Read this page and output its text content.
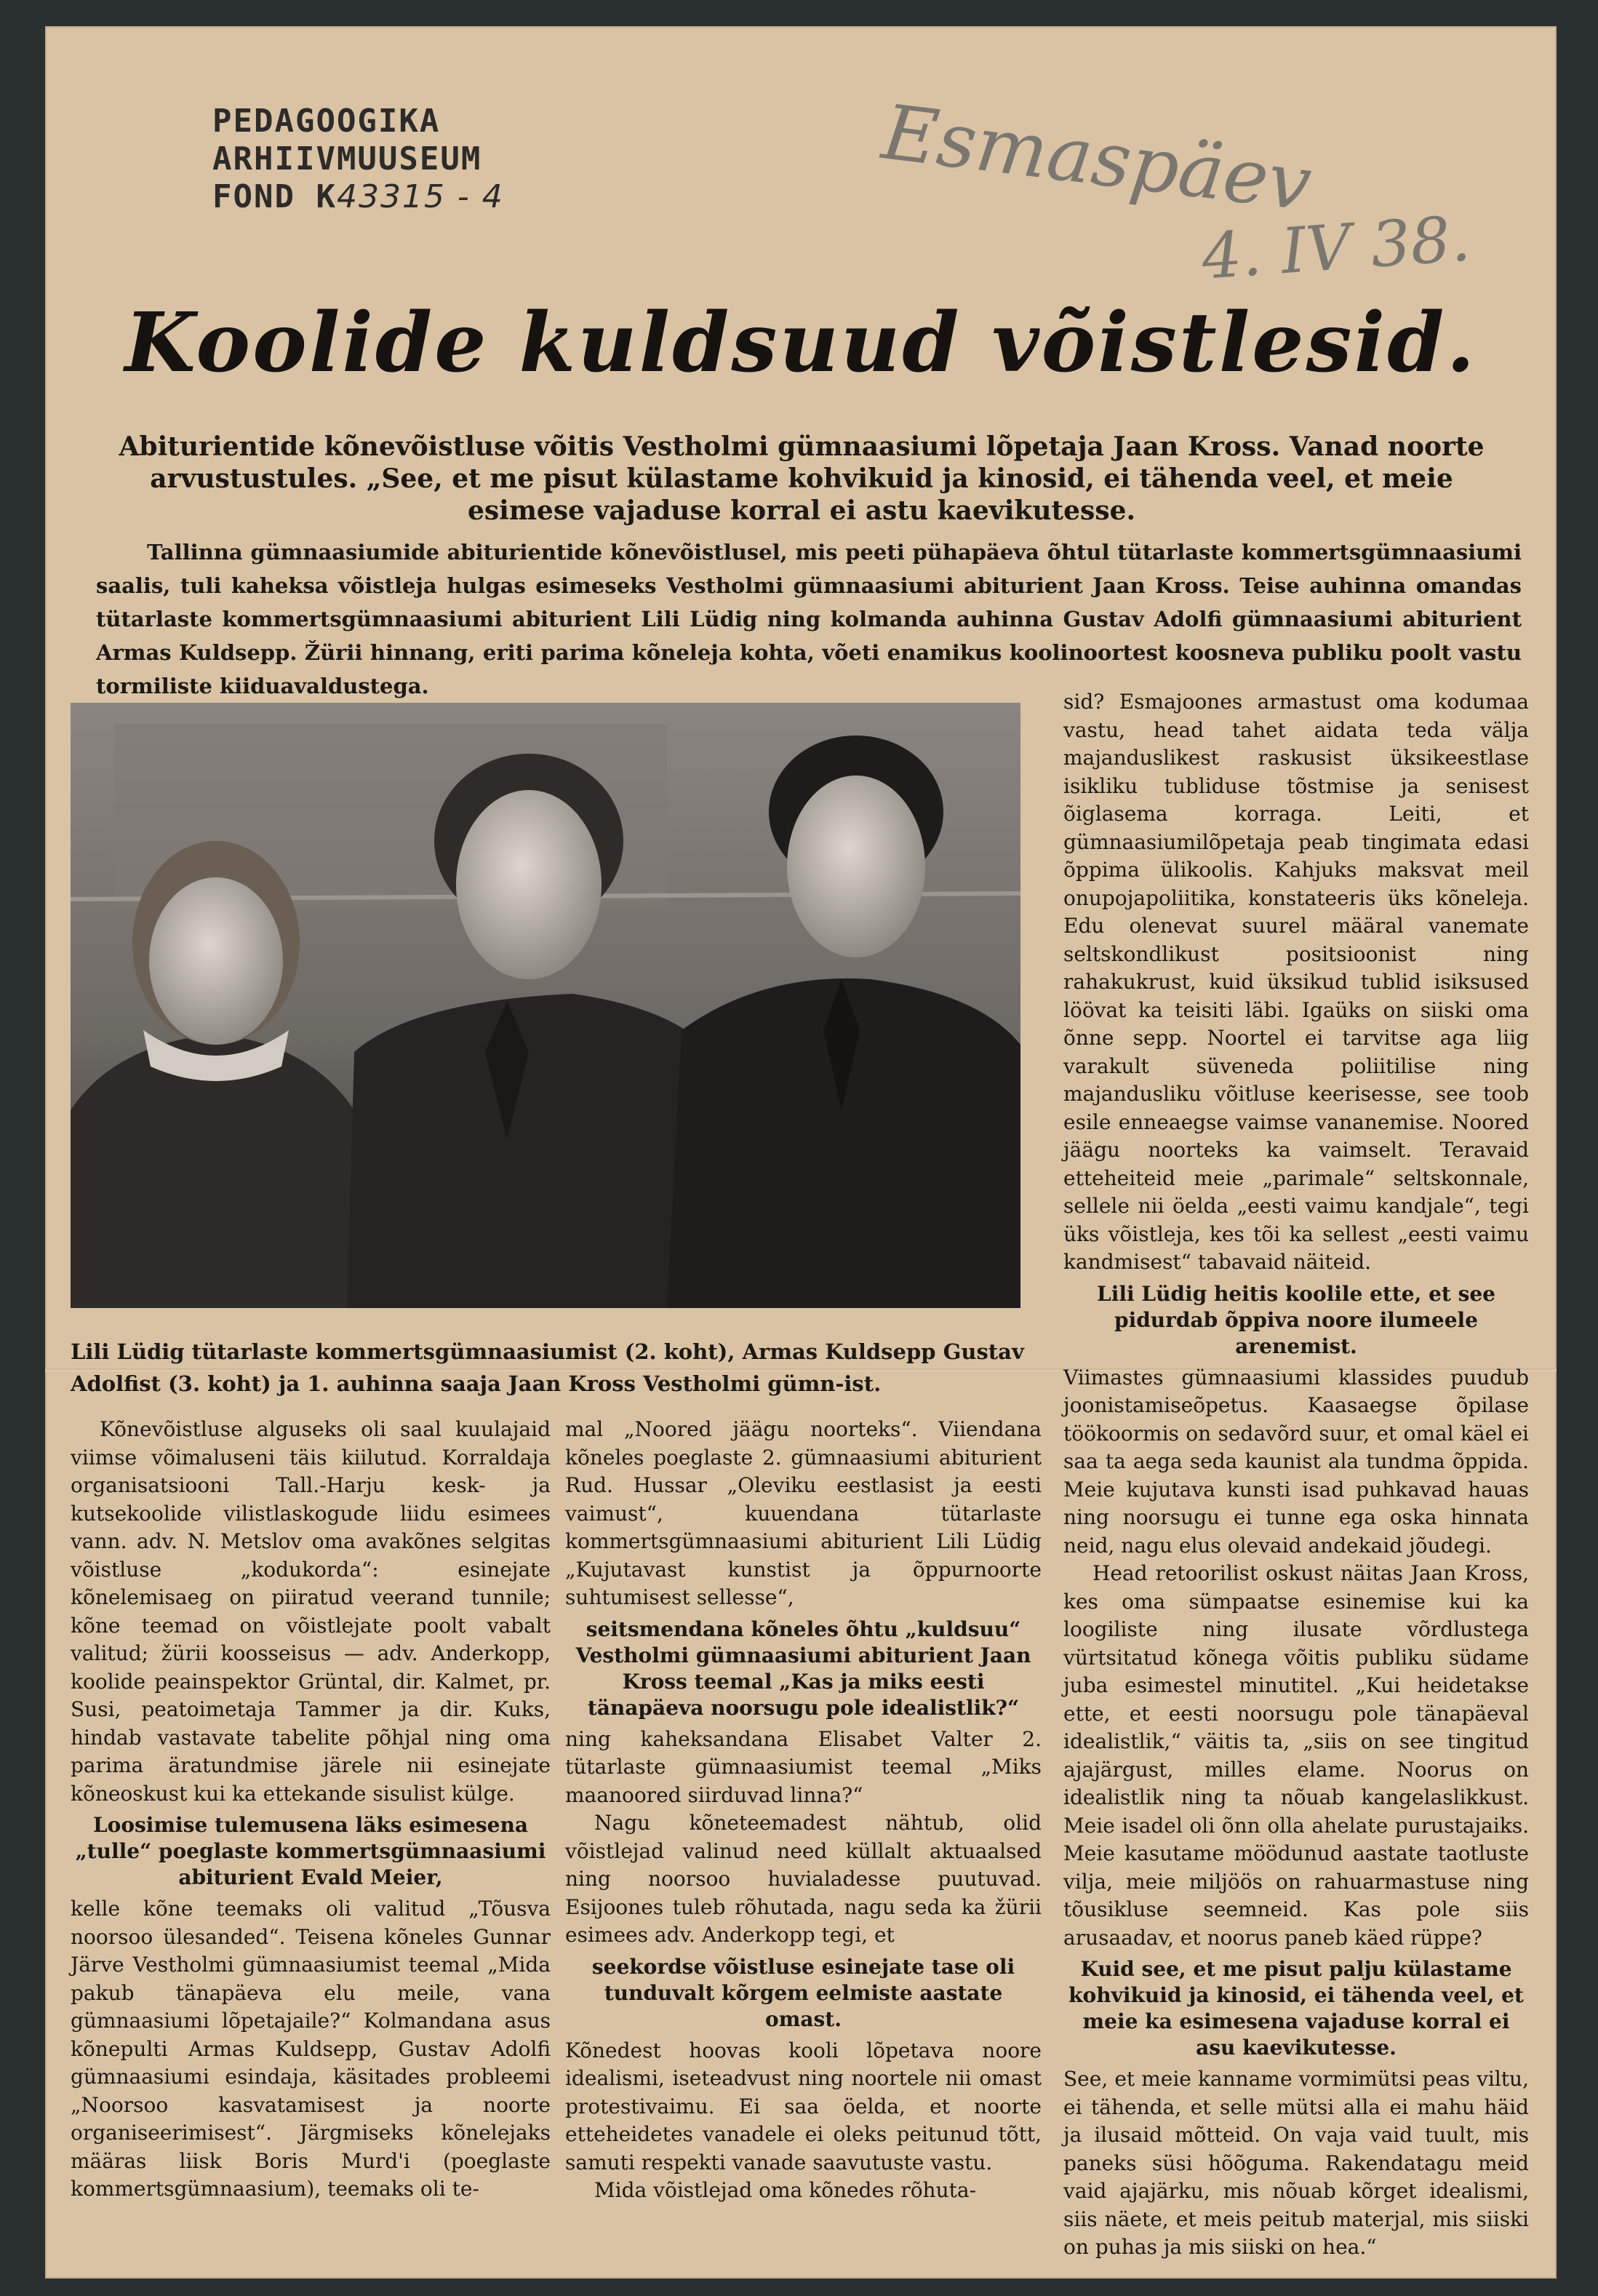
PEDAGOOGIKA
ARHIIVMUUSEUM
FOND K43315 - 4	Esmaspäev
4. IV 38.
Koolide kuldsuud võistlesid.
Abiturientide kõnevõistluse võitis Vestholmi gümnaasiumi lõpetaja Jaan Kross. Vanad noorte arvustustules. „See, et me pisut külastame kohvikuid ja kinosid, ei tähenda veel, et meie esimese vajaduse korral ei astu kaevikutesse.
Tallinna gümnaasiumide abiturientide kõnevõistlusel, mis peeti pühapäeva õhtul tütarlaste kommertsgümnaasiumi saalis, tuli kaheksa võistleja hulgas esimeseks Vestholmi gümnaasiumi abiturient Jaan Kross. Teise auhinna omandas tütarlaste kommertsgümnaasiumi abiturient Lili Lüdig ning kolmanda auhinna Gustav Adolfi gümnaasiumi abiturient Armas Kuldsepp. Žürii hinnang, eriti parima kõneleja kohta, võeti enamikus koolinoortest koosneva publiku poolt vastu tormiliste kiiduavaldustega.
Lili Lüdig tütarlaste kommertsgümnaasiumist (2. koht), Armas Kuldsepp Gustav Adolfist (3. koht) ja 1. auhinna saaja Jaan Kross Vestholmi gümn-ist.

Kõnevõistluse alguseks oli saal kuulajaid viimse võimaluseni täis kiilutud. Korraldaja organisatsiooni Tall.-Harju kesk- ja kutsekoolide vilistlaskogude liidu esimees vann. adv. N. Metslov oma avakõnes selgitas võistluse „kodukorda“: esinejate kõnelemisaeg on piiratud veerand tunnile; kõne teemad on võistlejate poolt vabalt valitud; žürii koosseisus — adv. Anderkopp, koolide peainspektor Grüntal, dir. Kalmet, pr. Susi, peatoimetaja Tammer ja dir. Kuks, hindab vastavate tabelite põhjal ning oma parima äratundmise järele nii esinejate kõneoskust kui ka ettekande sisulist külge.

Loosimise tulemusena läks esimesena „tulle“ poeglaste kommertsgümnaasiumi abiturient Evald Meier,

kelle kõne teemaks oli valitud „Tõusva noorsoo ülesanded“. Teisena kõneles Gunnar Järve Vestholmi gümnaasiumist teemal „Mida pakub tänapäeva elu meile, vana gümnaasiumi lõpetajaile?“ Kolmandana asus kõnepulti Armas Kuldsepp, Gustav Adolfi gümnaasiumi esindaja, käsitades probleemi „Noorsoo kasvatamisest ja noorte organiseerimisest“. Järgmiseks kõnelejaks määras liisk Boris Murd'i (poeglaste kommertsgümnaasium), teemaks oli te-

mal „Noored jäägu noorteks“. Viiendana kõneles poeglaste 2. gümnaasiumi abiturient Rud. Hussar „Oleviku eestlasist ja eesti vaimust“, kuuendana tütarlaste kommertsgümnaasiumi abiturient Lili Lüdig „Kujutavast kunstist ja õppurnoorte suhtumisest sellesse“,

seitsmendana kõneles õhtu „kuldsuu“ Vestholmi gümnaasiumi abiturient Jaan Kross teemal „Kas ja miks eesti tänapäeva noorsugu pole idealistlik?“

ning kaheksandana Elisabet Valter 2. tütarlaste gümnaasiumist teemal „Miks maanoored siirduvad linna?“

Nagu kõneteemadest nähtub, olid võistlejad valinud need küllalt aktuaalsed ning noorsoo huvialadesse puutuvad. Esijoones tuleb rõhutada, nagu seda ka žürii esimees adv. Anderkopp tegi, et

seekordse võistluse esinejate tase oli tunduvalt kõrgem eelmiste aastate omast.

Kõnedest hoovas kooli lõpetava noore idealismi, iseteadvust ning noortele nii omast protestivaimu. Ei saa öelda, et noorte etteheidetes vanadele ei oleks peitunud tõtt, samuti respekti vanade saavutuste vastu.

Mida võistlejad oma kõnedes rõhuta-

sid? Esmajoones armastust oma kodumaa vastu, head tahet aidata teda välja majanduslikest raskusist üksikeestlase isikliku tubliduse tõstmise ja senisest õiglasema korraga. Leiti, et gümnaasiumilõpetaja peab tingimata edasi õppima ülikoolis. Kahjuks maksvat meil onupojapoliitika, konstateeris üks kõneleja. Edu olenevat suurel määral vanemate seltskondlikust positsioonist ning rahakukrust, kuid üksikud tublid isiksused löövat ka teisiti läbi. Igaüks on siiski oma õnne sepp. Noortel ei tarvitse aga liig varakult süveneda poliitilise ning majandusliku võitluse keerisesse, see toob esile enneaegse vaimse vananemise. Noored jäägu noorteks ka vaimselt. Teravaid etteheiteid meie „parimale“ seltskonnale, sellele nii öelda „eesti vaimu kandjale“, tegi üks võistleja, kes tõi ka sellest „eesti vaimu kandmisest“ tabavaid näiteid.

Lili Lüdig heitis koolile ette, et see pidurdab õppiva noore ilumeele arenemist.

Viimastes gümnaasiumi klassides puudub joonistamiseõpetus. Kaasaegse õpilase töökoormis on sedavõrd suur, et omal käel ei saa ta aega seda kaunist ala tundma õppida. Meie kujutava kunsti isad puhkavad hauas ning noorsugu ei tunne ega oska hinnata neid, nagu elus olevaid andekaid jõudegi.

Head retoorilist oskust näitas Jaan Kross, kes oma sümpaatse esinemise kui ka loogiliste ning ilusate võrdlustega vürtsitatud kõnega võitis publiku südame juba esimestel minutitel. „Kui heidetakse ette, et eesti noorsugu pole tänapäeval idealistlik,“ väitis ta, „siis on see tingitud ajajärgust, milles elame. Noorus on idealistlik ning ta nõuab kangelaslikkust. Meie isadel oli õnn olla ahelate purustajaiks. Meie kasutame möödunud aastate taotluste vilja, meie miljöös on rahuarmastuse ning tõusikluse seemneid. Kas pole siis arusaadav, et noorus paneb käed rüppe?

Kuid see, et me pisut palju külastame kohvikuid ja kinosid, ei tähenda veel, et meie ka esimesena vajaduse korral ei asu kaevikutesse.

See, et meie kanname vormimütsi peas viltu, ei tähenda, et selle mütsi alla ei mahu häid ja ilusaid mõtteid. On vaja vaid tuult, mis paneks süsi hõõguma. Rakendatagu meid vaid ajajärku, mis nõuab kõrget idealismi, siis näete, et meis peitub materjal, mis siiski on puhas ja mis siiski on hea.“
